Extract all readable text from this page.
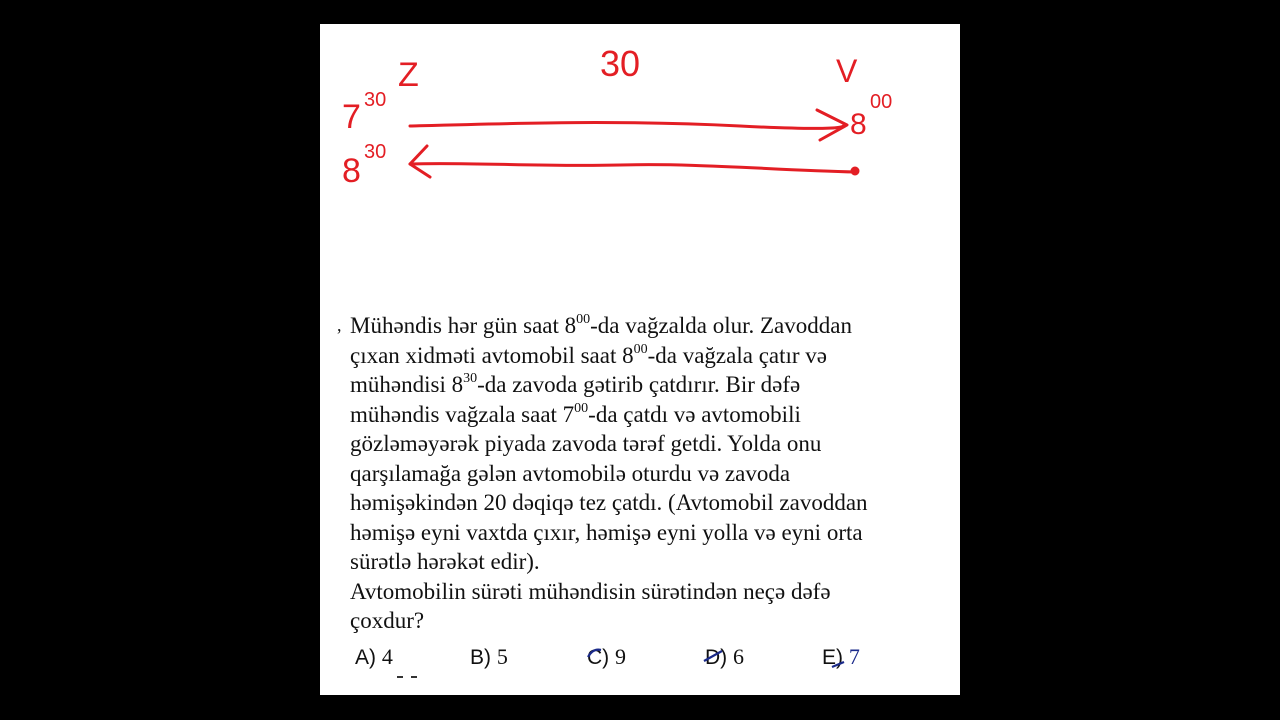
Z	V
30
7 30
8 30
8
00
, Mühəndis hər gün saat $8^{00}-da$ vağzalda olur. Zavoddan

çıxan xidməti avtomobil saat $8^{00}-da$ vağzala çatır və

mühəndisi $8^{30}-da$ zavoda gətirib çatdırır. Bir dəfə

mühəndis vağzala saat $7^{00}-da$ çatdı və avtomobili

gözləməyərək piyada zavoda tərəf getdi. Yolda onu

qarşılamağa gələn avtomobilə oturdu və zavoda

həmişəkindən 20 dəqiqə tez çatdı. (Avtomobil zavoddan

həmişə eyni vaxtda çıxır, həmişə eyni yolla və eyni orta

sürətlə hərəkət edir).

Avtomobilin sürəti mühəndisin sürətindən neçə dəfə

çoxdur?

A) 4	B) 5	C) 9	D) 6	E) 7
